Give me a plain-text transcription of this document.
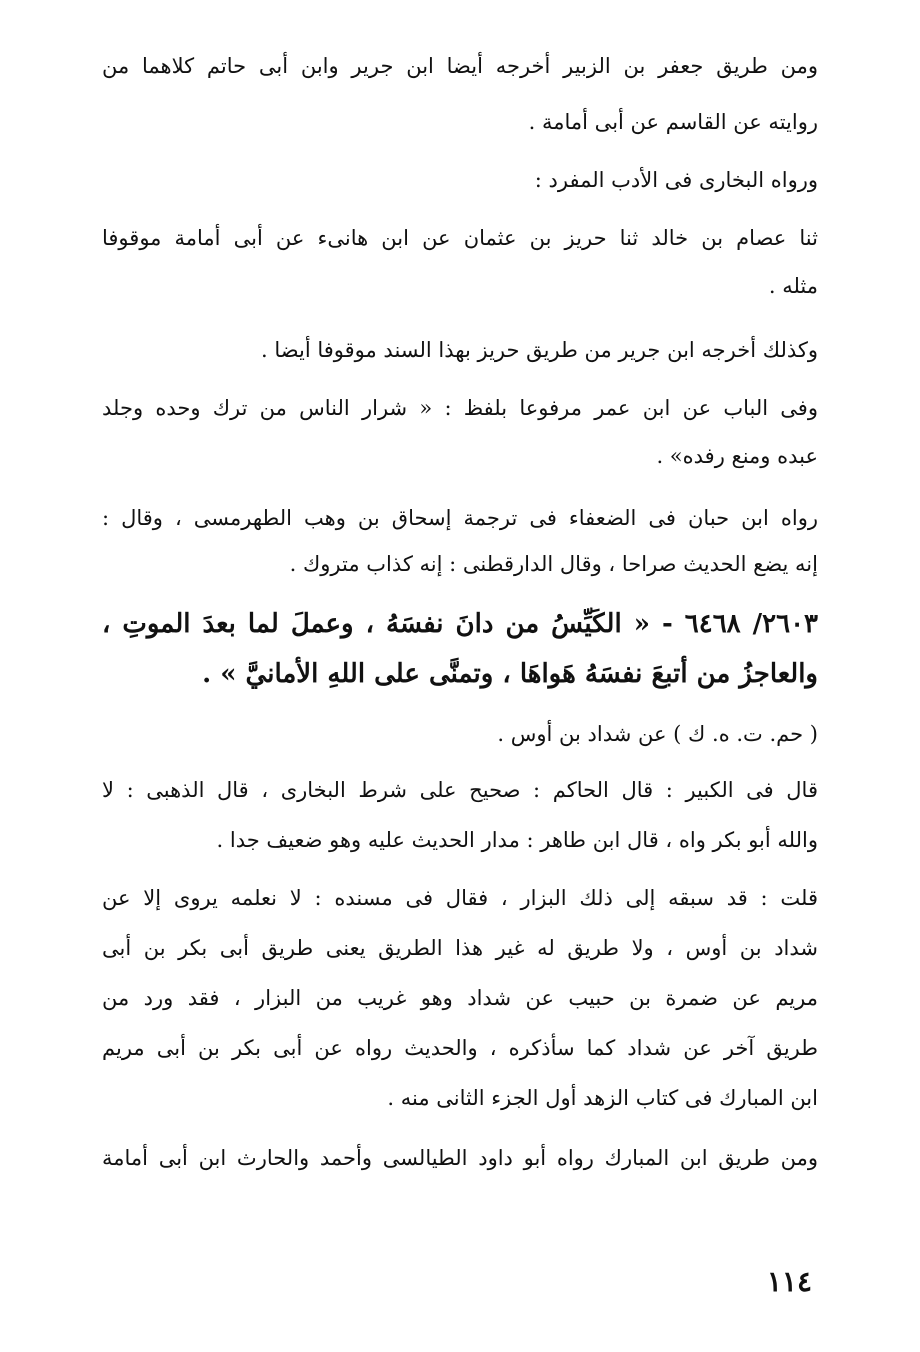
ومن طريق جعفر بن الزبير أخرجه أيضا ابن جرير وابن أبى حاتم كلاهما من
روايته عن القاسم عن أبى أمامة .
ورواه البخارى فى الأدب المفرد :
ثنا عصام بن خالد ثنا حريز بن عثمان عن ابن هانىء عن أبى أمامة موقوفا
مثله .
وكذلك أخرجه ابن جرير من طريق حريز بهذا السند موقوفا أيضا .
وفى الباب عن ابن عمر مرفوعا بلفظ : « شرار الناس من ترك وحده وجلد
عبده ومنع رفده» .
رواه ابن حبان فى الضعفاء فى ترجمة إسحاق بن وهب الطهرمسى ، وقال :
إنه يضع الحديث صراحا ، وقال الدارقطنى : إنه كذاب متروك .
٢٦٠٣/ ٦٤٦٨ - « الكَيِّسُ من دانَ نفسَهُ ، وعملَ لما بعدَ الموتِ ،
والعاجزُ من أتبعَ نفسَهُ هَواهَا ، وتمنَّى على اللهِ الأمانيَّ » .
( حم. ت. ه. ك ) عن شداد بن أوس .
قال فى الكبير : قال الحاكم : صحيح على شرط البخارى ، قال الذهبى : لا
والله أبو بكر واه ، قال ابن طاهر : مدار الحديث عليه وهو ضعيف جدا .
قلت : قد سبقه إلى ذلك البزار ، فقال فى مسنده : لا نعلمه يروى إلا عن
شداد بن أوس ، ولا طريق له غير هذا الطريق يعنى طريق أبى بكر بن أبى
مريم عن ضمرة بن حبيب عن شداد وهو غريب من البزار ، فقد ورد من
طريق آخر عن شداد كما سأذكره ، والحديث رواه عن أبى بكر بن أبى مريم
ابن المبارك فى كتاب الزهد أول الجزء الثانى منه .
ومن طريق ابن المبارك رواه أبو داود الطيالسى وأحمد والحارث ابن أبى أمامة
١١٤
